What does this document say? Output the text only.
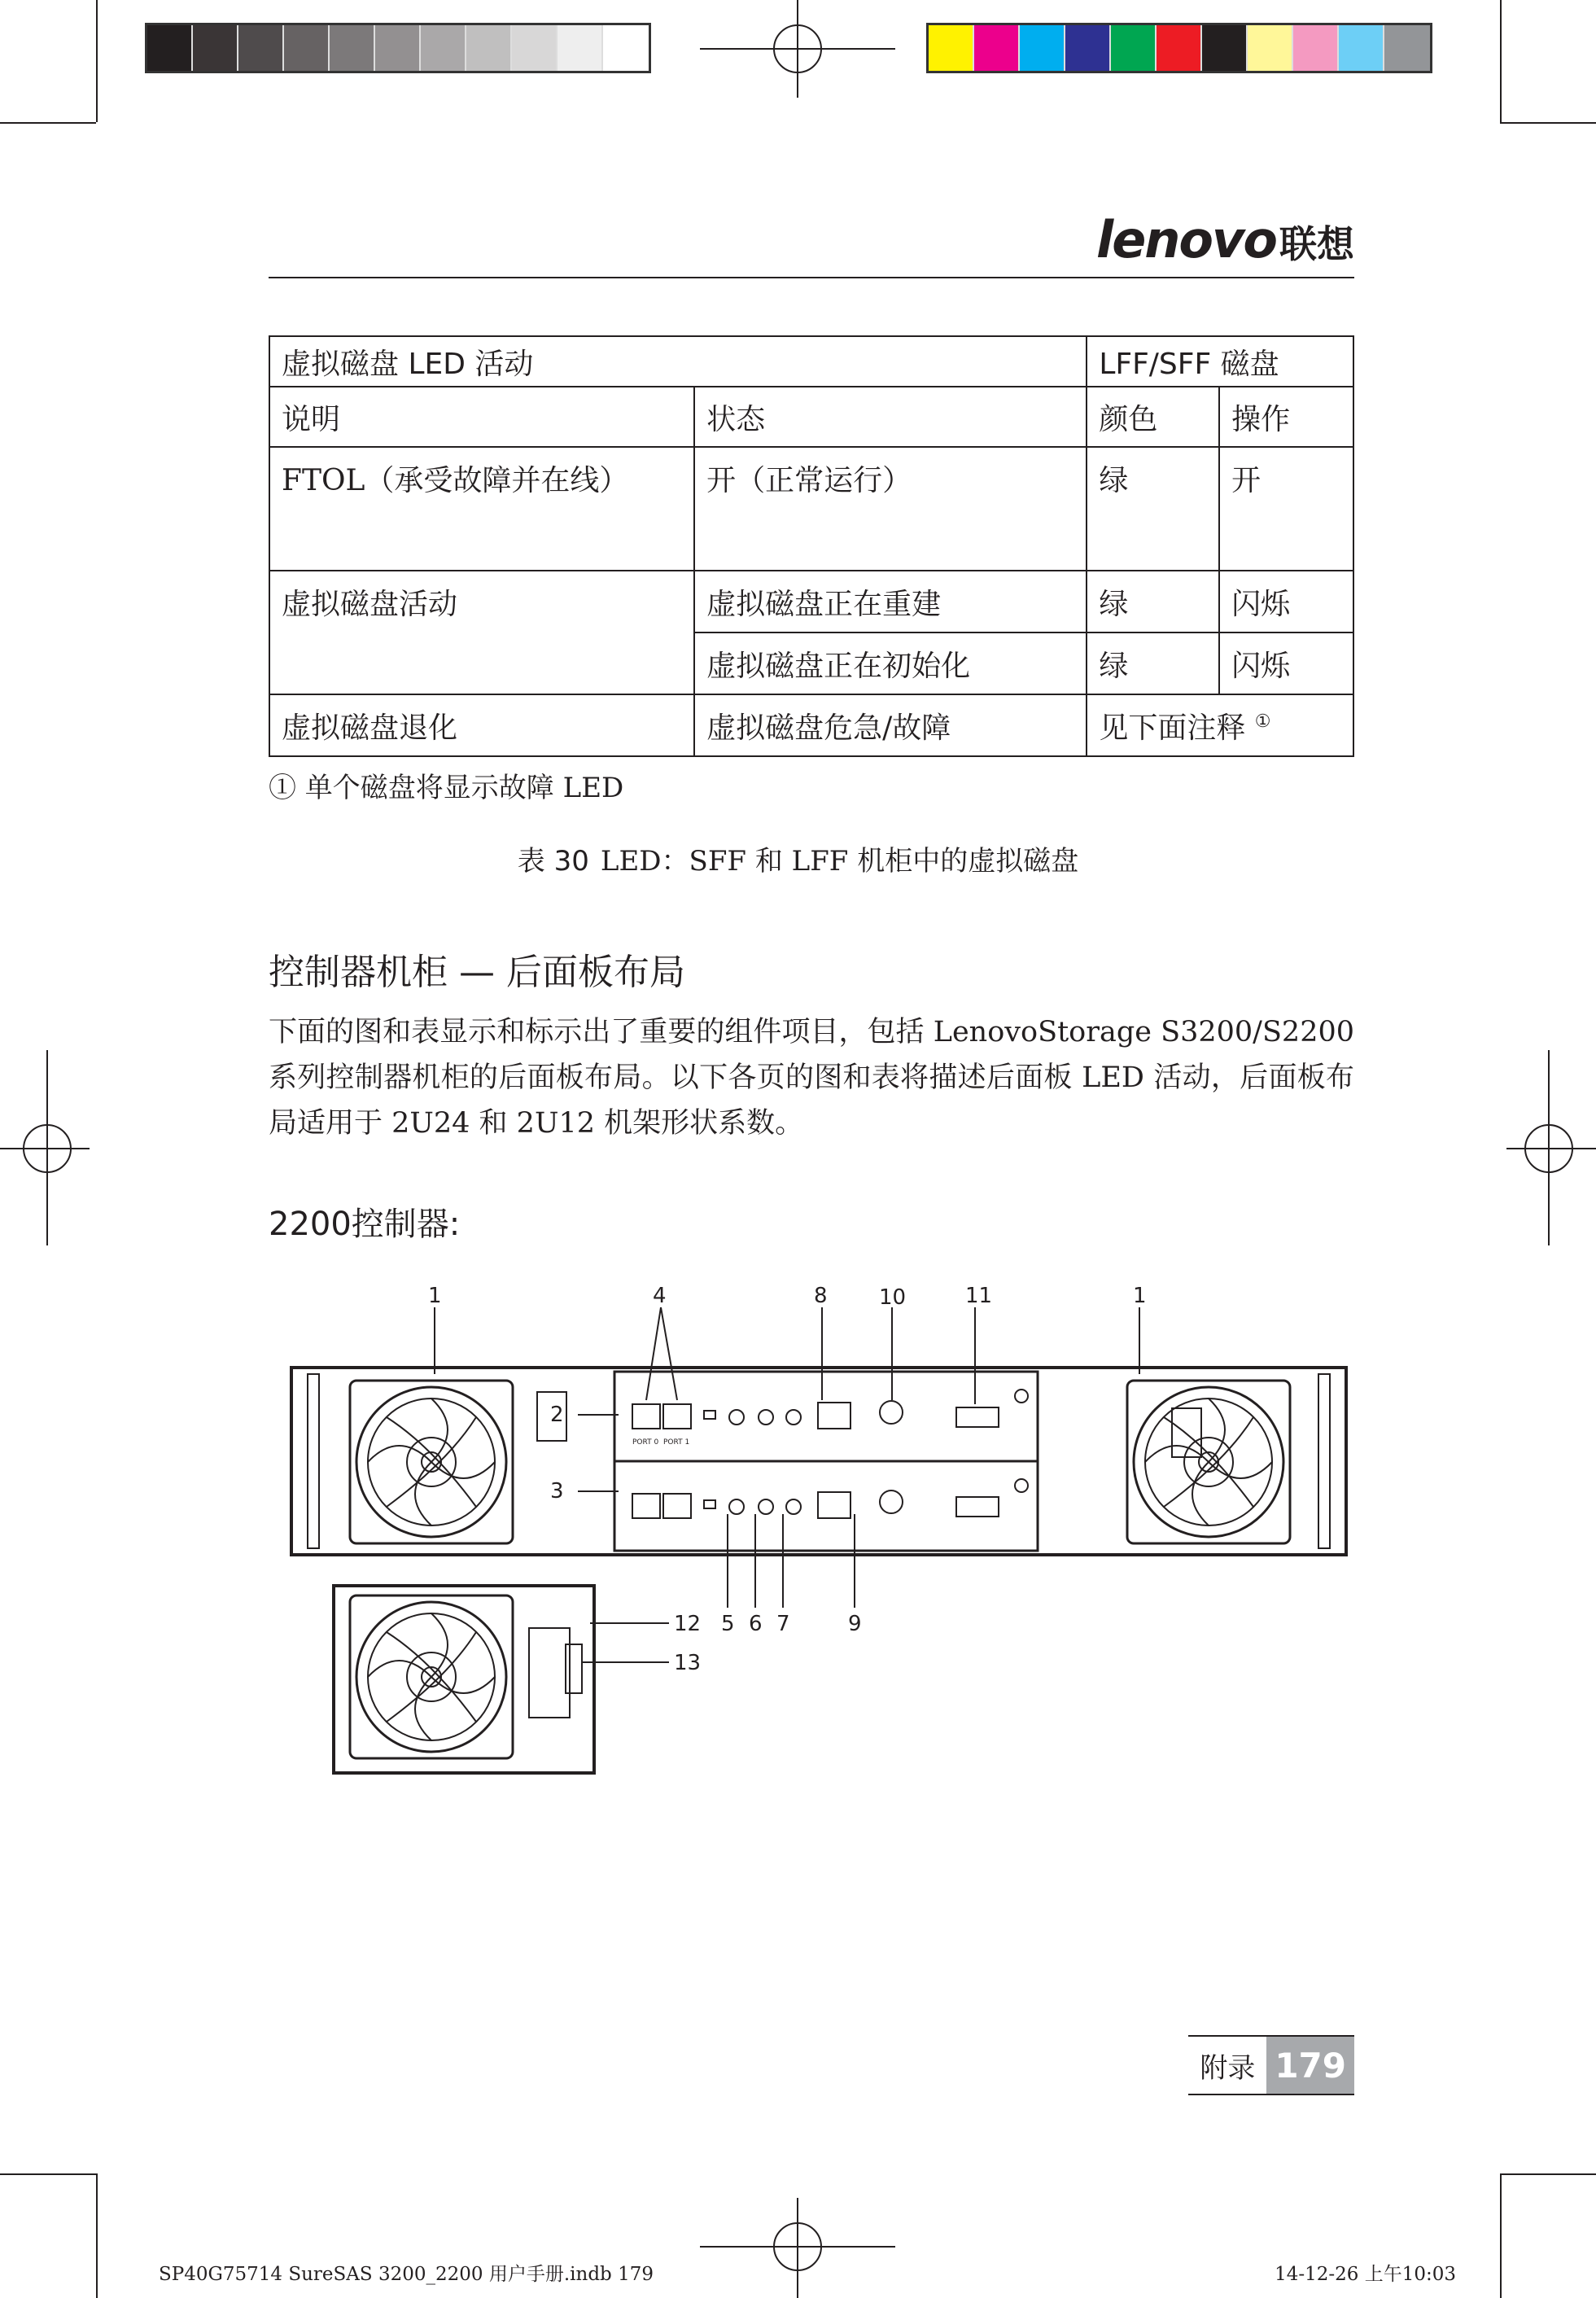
lenovo联想
虚拟磁盘 LED 活动		LFF/SFF 磁盘	
说明	状态	颜色	操作
FTOL（承受故障并在线）	开（正常运行）	绿	开
虚拟磁盘活动	虚拟磁盘正在重建	绿	闪烁
	虚拟磁盘正在初始化	绿	闪烁
虚拟磁盘退化	虚拟磁盘危急/故障	见下面注释 ①
① 单个磁盘将显示故障 LED
表 30 LED：SFF 和 LFF 机柜中的虚拟磁盘
控制器机柜 — 后面板布局
下面的图和表显示和标示出了重要的组件项目，包括 LenovoStorage S3200/S2200 系列控制器机柜的后面板布局。以下各页的图和表将描述后面板 LED 活动，后面板布局适用于 2U24 和 2U12 机架形状系数。
2200控制器:
PORT 0 PORT 1
1	4	8 10	11	1
2
3
12 5 6 7	9
13
附录 179
SP40G75714 SureSAS 3200_2200 用户手册.indb 179	14-12-26 上午10:03
